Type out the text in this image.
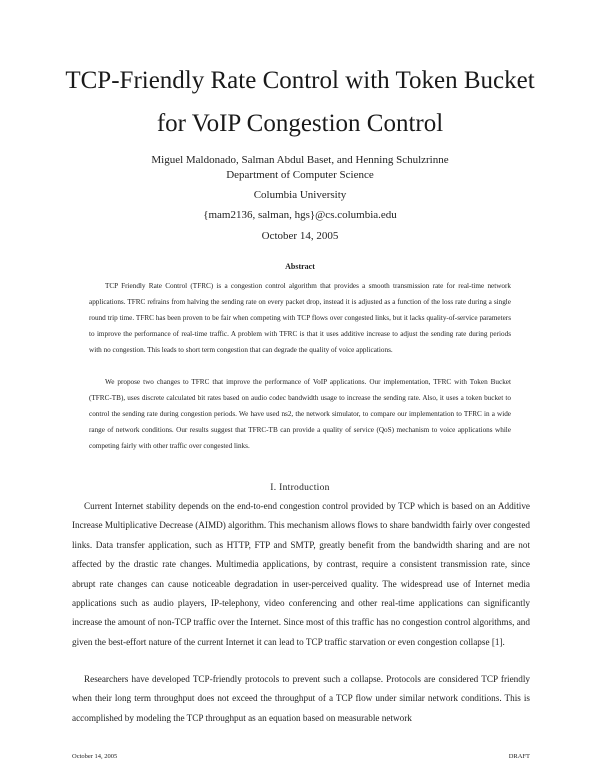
TCP-Friendly Rate Control with Token Bucket
for VoIP Congestion Control
Miguel Maldonado, Salman Abdul Baset, and Henning Schulzrinne
Department of Computer Science
Columbia University
{mam2136, salman, hgs}@cs.columbia.edu
October 14, 2005
Abstract

TCP Friendly Rate Control (TFRC) is a congestion control algorithm that provides a smooth transmission rate for real-time network applications. TFRC refrains from halving the sending rate on every packet drop, instead it is adjusted as a function of the loss rate during a single round trip time. TFRC has been proven to be fair when competing with TCP flows over congested links, but it lacks quality-of-service parameters to improve the performance of real-time traffic. A problem with TFRC is that it uses additive increase to adjust the sending rate during periods with no congestion. This leads to short term congestion that can degrade the quality of voice applications.

We propose two changes to TFRC that improve the performance of VoIP applications. Our implementation, TFRC with Token Bucket (TFRC-TB), uses discrete calculated bit rates based on audio codec bandwidth usage to increase the sending rate. Also, it uses a token bucket to control the sending rate during congestion periods. We have used ns2, the network simulator, to compare our implementation to TFRC in a wide range of network conditions. Our results suggest that TFRC-TB can provide a quality of service (QoS) mechanism to voice applications while competing fairly with other traffic over congested links.

I. Introduction

Current Internet stability depends on the end-to-end congestion control provided by TCP which is based on an Additive Increase Multiplicative Decrease (AIMD) algorithm. This mechanism allows flows to share bandwidth fairly over congested links. Data transfer application, such as HTTP, FTP and SMTP, greatly benefit from the bandwidth sharing and are not affected by the drastic rate changes. Multimedia applications, by contrast, require a consistent transmission rate, since abrupt rate changes can cause noticeable degradation in user-perceived quality. The widespread use of Internet media applications such as audio players, IP-telephony, video conferencing and other real-time applications can significantly increase the amount of non-TCP traffic over the Internet. Since most of this traffic has no congestion control algorithms, and given the best-effort nature of the current Internet it can lead to TCP traffic starvation or even congestion collapse [1].

Researchers have developed TCP-friendly protocols to prevent such a collapse. Protocols are considered TCP friendly when their long term throughput does not exceed the throughput of a TCP flow under similar network conditions. This is accomplished by modeling the TCP throughput as an equation based on measurable network

October 14, 2005	DRAFT
